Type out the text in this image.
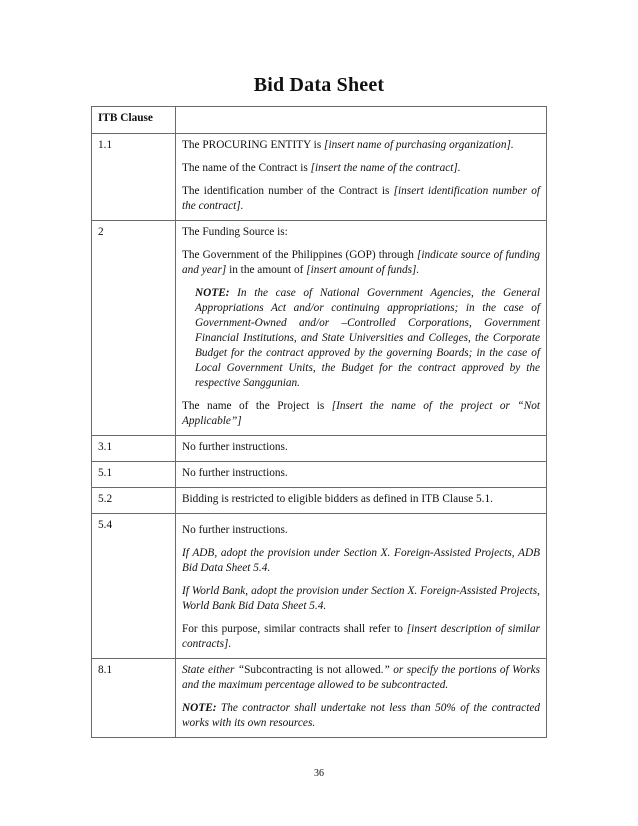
Bid Data Sheet
ITB Clause	
1.1	The PROCURING ENTITY is [insert name of purchasing organization].

The name of the Contract is [insert the name of the contract].

The identification number of the Contract is [insert identification number of the contract].

2	The Funding Source is:

The Government of the Philippines (GOP) through [indicate source of funding and year] in the amount of [insert amount of funds].

NOTE: In the case of National Government Agencies, the General Appropriations Act and/or continuing appropriations; in the case of Government-Owned and/or –Controlled Corporations, Government Financial Institutions, and State Universities and Colleges, the Corporate Budget for the contract approved by the governing Boards; in the case of Local Government Units, the Budget for the contract approved by the respective Sanggunian.

The name of the Project is [Insert the name of the project or “Not Applicable”]

3.1	No further instructions.

5.1	No further instructions.

5.2	Bidding is restricted to eligible bidders as defined in ITB Clause 5.1.

5.4	No further instructions.

If ADB, adopt the provision under Section X. Foreign-Assisted Projects, ADB Bid Data Sheet 5.4.

If World Bank, adopt the provision under Section X. Foreign-Assisted Projects, World Bank Bid Data Sheet 5.4.

For this purpose, similar contracts shall refer to [insert description of similar contracts].

8.1	State either “Subcontracting is not allowed.” or specify the portions of Works and the maximum percentage allowed to be subcontracted.

NOTE: The contractor shall undertake not less than 50% of the contracted works with its own resources.

36
